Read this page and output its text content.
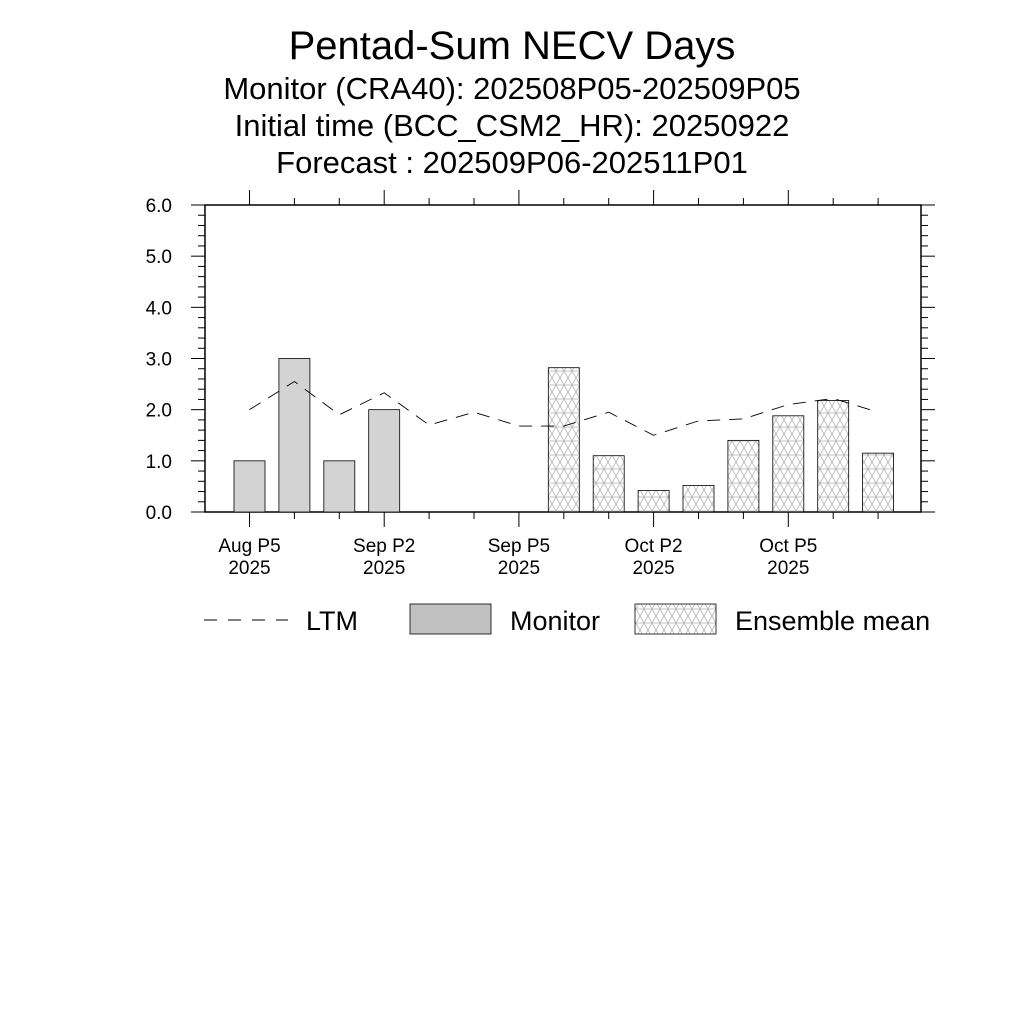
Pentad-Sum NECV Days
Monitor (CRA40): 202508P05-202509P05
Initial time (BCC_CSM2_HR): 20250922
Forecast : 202509P06-202511P01
0.0
1.0
2.0
3.0
4.0
5.0
6.0
Aug P5
2025
Sep P2
2025
Sep P5
2025
Oct P2
2025
Oct P5
2025
LTM	Monitor	Ensemble mean
